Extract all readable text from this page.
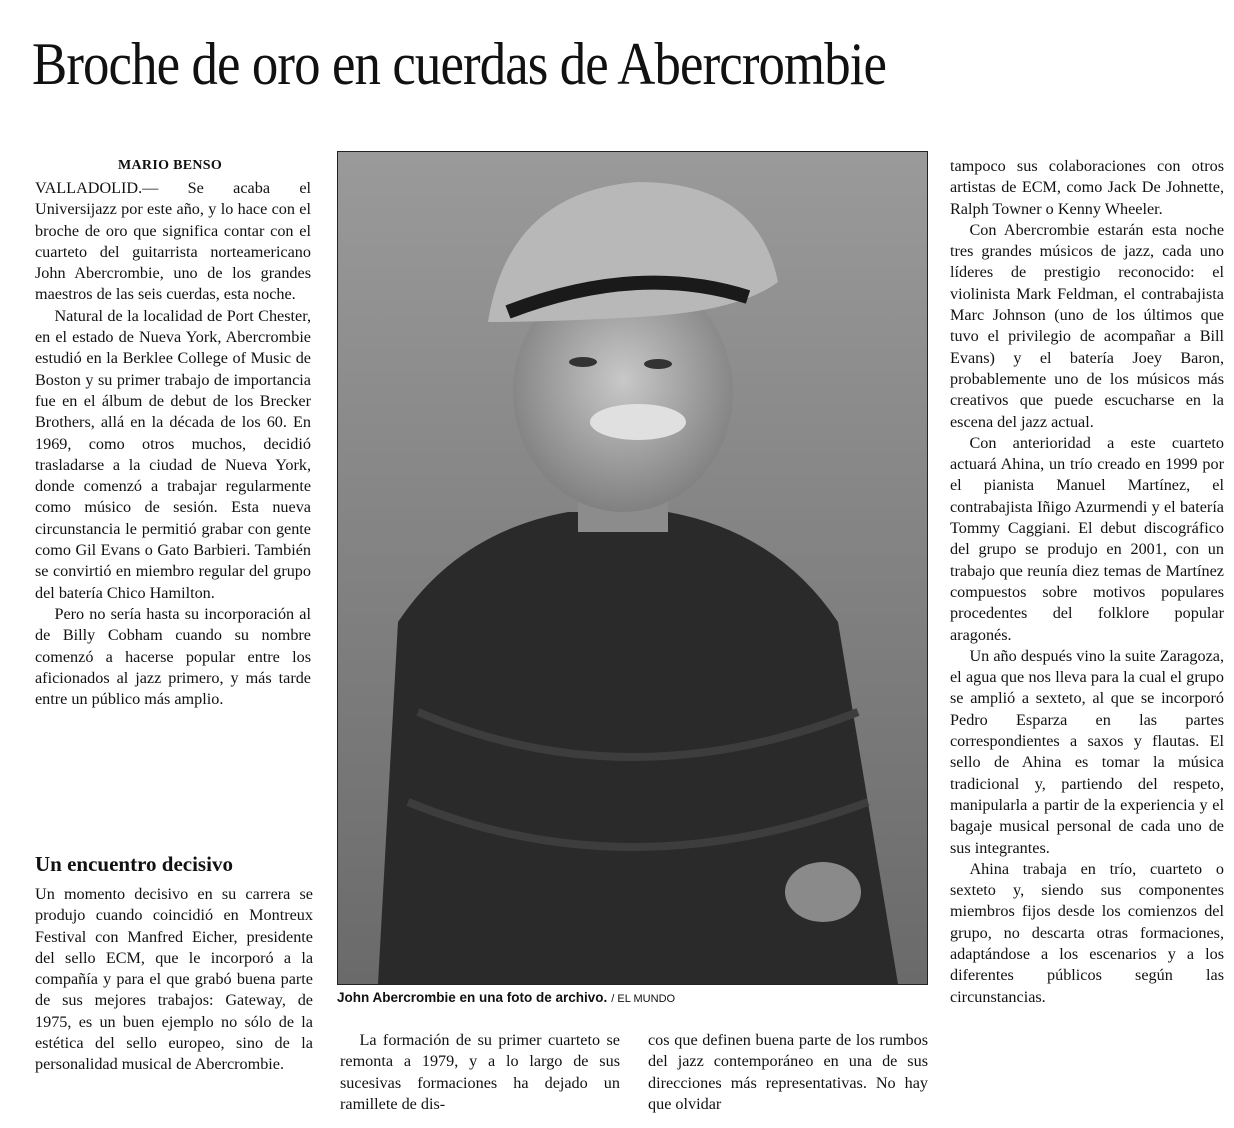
Broche de oro en cuerdas de Abercrombie
MARIO BENSO

VALLADOLID.— Se acaba el Universijazz por este año, y lo hace con el broche de oro que significa contar con el cuarteto del guitarrista norteamericano John Abercrombie, uno de los grandes maestros de las seis cuerdas, esta noche.

Natural de la localidad de Port Chester, en el estado de Nueva York, Abercrombie estudió en la Berklee College of Music de Boston y su primer trabajo de importancia fue en el álbum de debut de los Brecker Brothers, allá en la década de los 60. En 1969, como otros muchos, decidió trasladarse a la ciudad de Nueva York, donde comenzó a trabajar regularmente como músico de sesión. Esta nueva circunstancia le permitió grabar con gente como Gil Evans o Gato Barbieri. También se convirtió en miembro regular del grupo del batería Chico Hamilton.

Pero no sería hasta su incorporación al de Billy Cobham cuando su nombre comenzó a hacerse popular entre los aficionados al jazz primero, y más tarde entre un público más amplio.

Un encuentro decisivo

Un momento decisivo en su carrera se produjo cuando coincidió en Montreux Festival con Manfred Eicher, presidente del sello ECM, que le incorporó a la compañía y para el que grabó buena parte de sus mejores trabajos: Gateway, de 1975, es un buen ejemplo no sólo de la estética del sello europeo, sino de la personalidad musical de Abercrombie.

John Abercrombie en una foto de archivo. / EL MUNDO

La formación de su primer cuarteto se remonta a 1979, y a lo largo de sus sucesivas formaciones ha dejado un ramillete de dis-

cos que definen buena parte de los rumbos del jazz contemporáneo en una de sus direcciones más representativas. No hay que olvidar

tampoco sus colaboraciones con otros artistas de ECM, como Jack De Johnette, Ralph Towner o Kenny Wheeler.

Con Abercrombie estarán esta noche tres grandes músicos de jazz, cada uno líderes de prestigio reconocido: el violinista Mark Feldman, el contrabajista Marc Johnson (uno de los últimos que tuvo el privilegio de acompañar a Bill Evans) y el batería Joey Baron, probablemente uno de los músicos más creativos que puede escucharse en la escena del jazz actual.

Con anterioridad a este cuarteto actuará Ahina, un trío creado en 1999 por el pianista Manuel Martínez, el contrabajista Iñigo Azurmendi y el batería Tommy Caggiani. El debut discográfico del grupo se produjo en 2001, con un trabajo que reunía diez temas de Martínez compuestos sobre motivos populares procedentes del folklore popular aragonés.

Un año después vino la suite Zaragoza, el agua que nos lleva para la cual el grupo se amplió a sexteto, al que se incorporó Pedro Esparza en las partes correspondientes a saxos y flautas. El sello de Ahina es tomar la música tradicional y, partiendo del respeto, manipularla a partir de la experiencia y el bagaje musical personal de cada uno de sus integrantes.

Ahina trabaja en trío, cuarteto o sexteto y, siendo sus componentes miembros fijos desde los comienzos del grupo, no descarta otras formaciones, adaptándose a los escenarios y a los diferentes públicos según las circunstancias.
